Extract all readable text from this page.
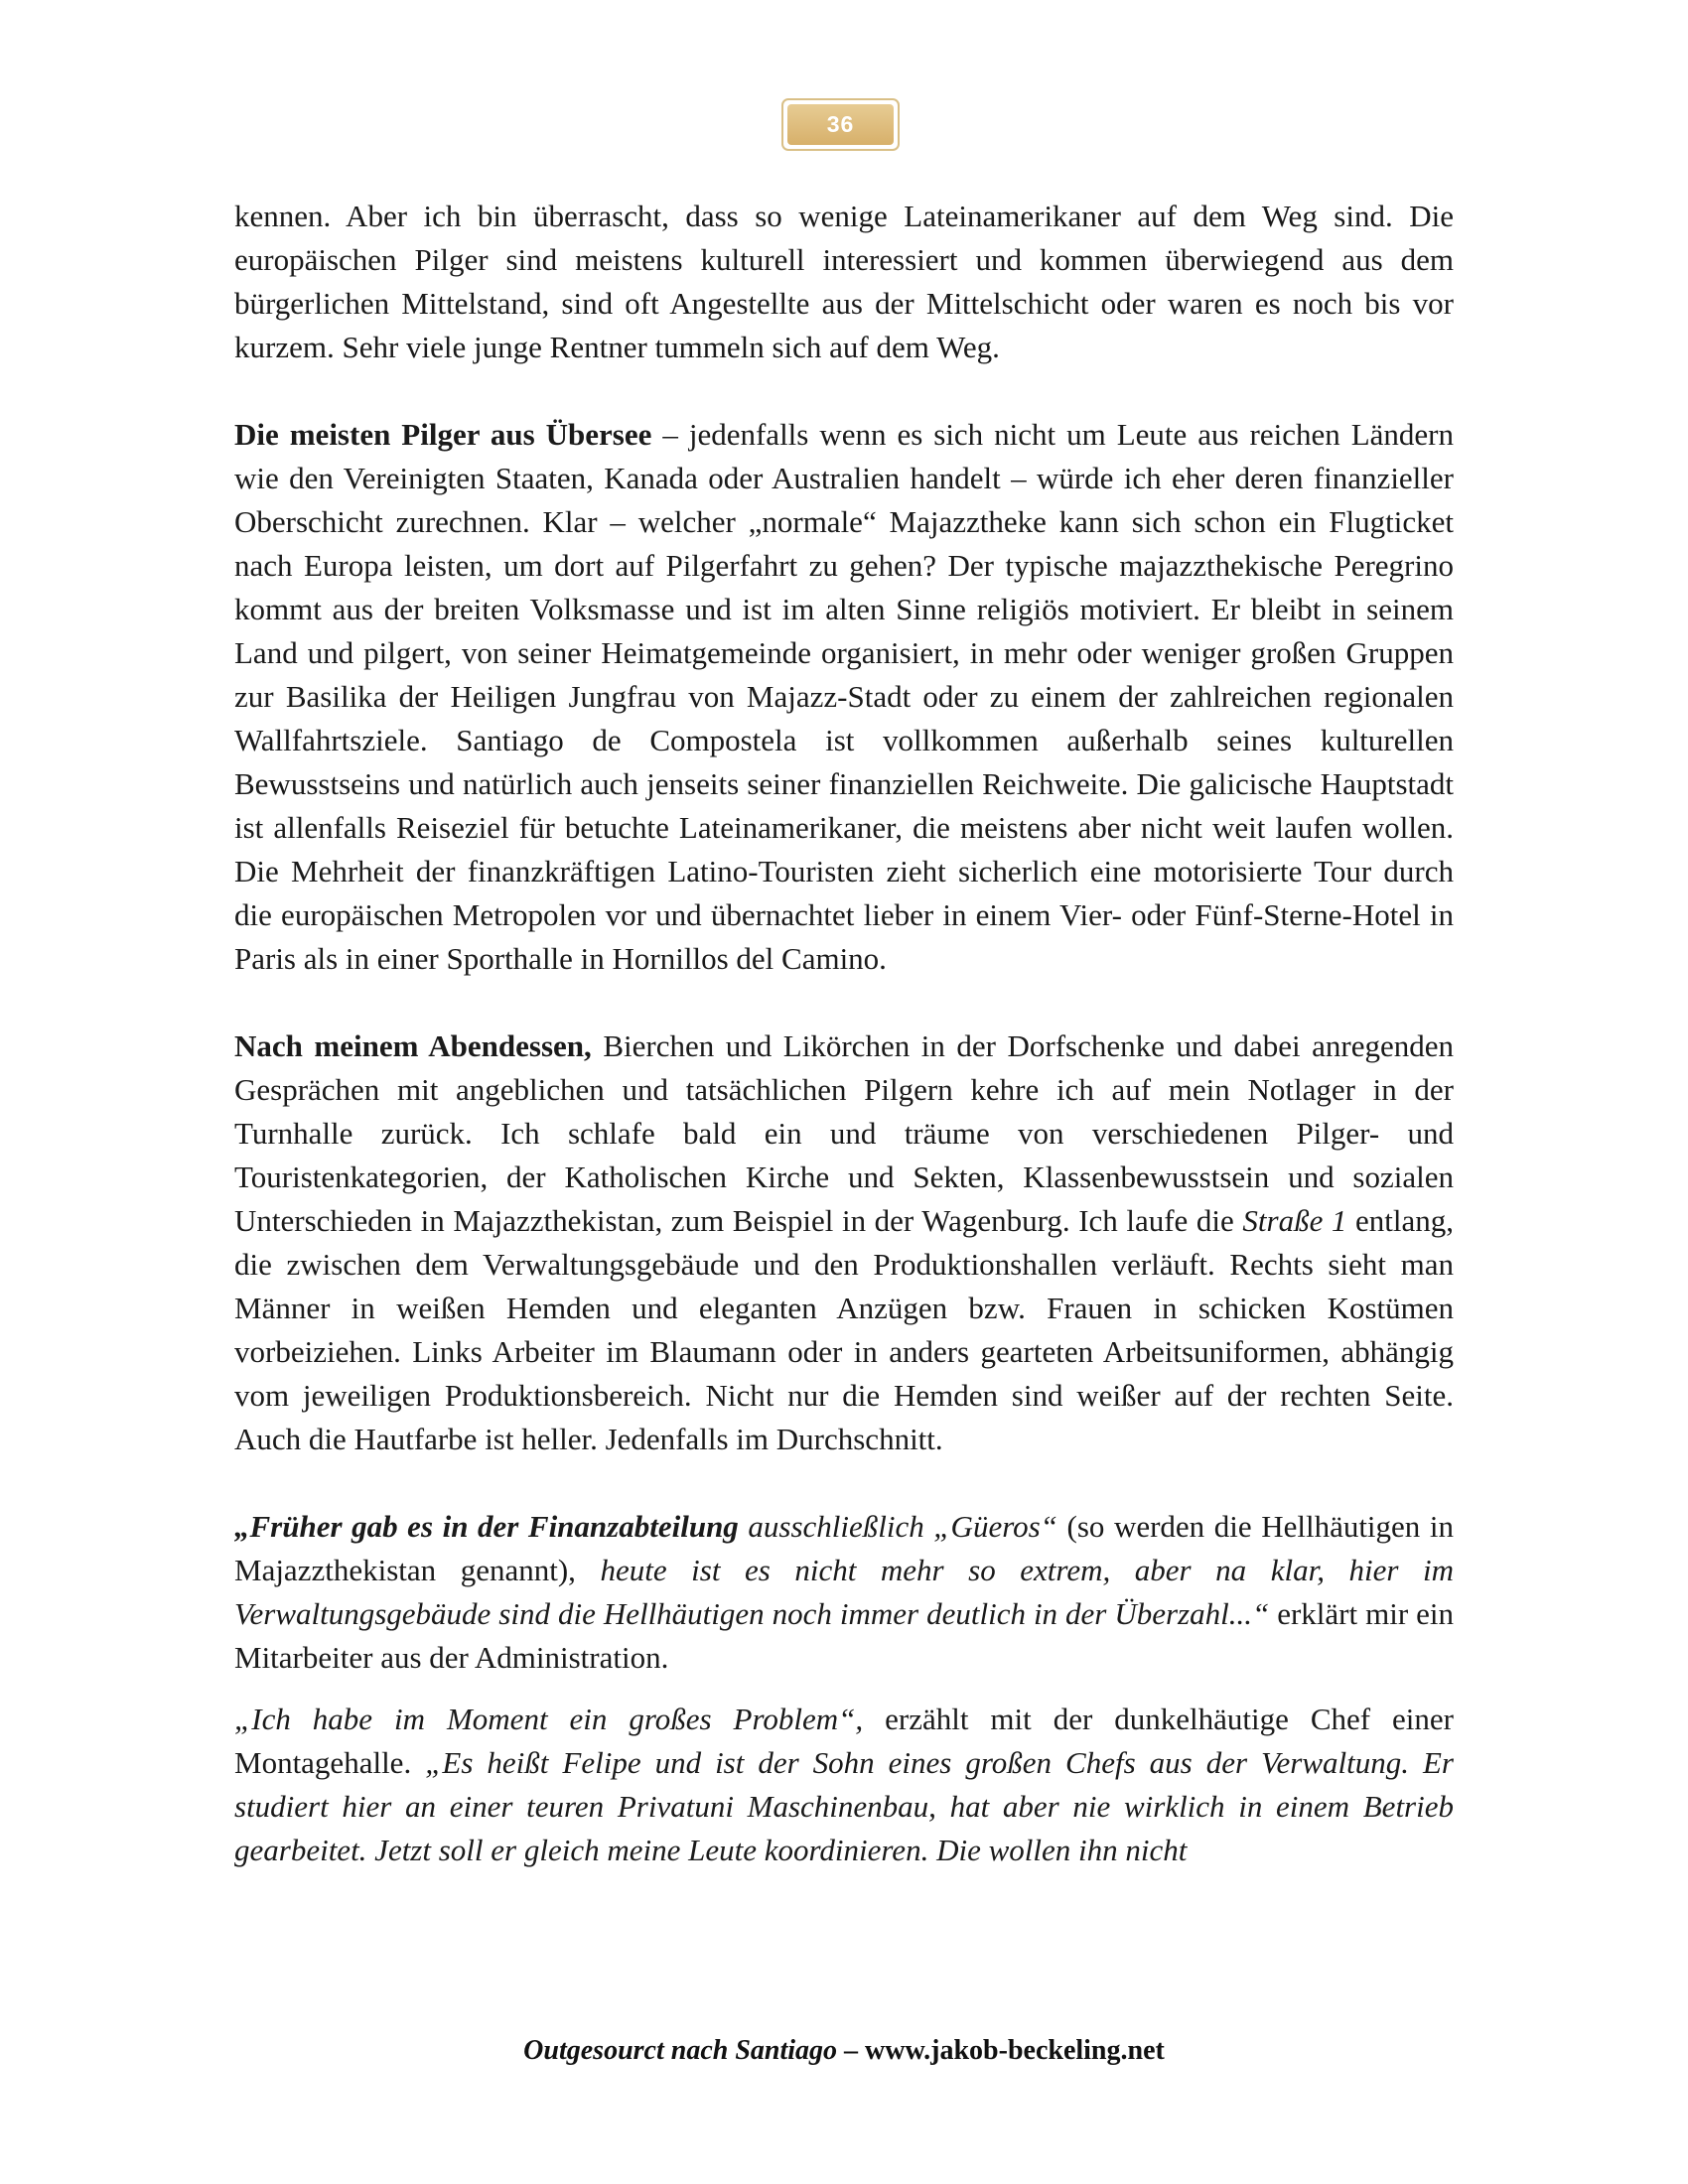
36

kennen. Aber ich bin überrascht, dass so wenige Lateinamerikaner auf dem Weg sind. Die europäischen Pilger sind meistens kulturell interessiert und kommen überwiegend aus dem bürgerlichen Mittelstand, sind oft Angestellte aus der Mittelschicht oder waren es noch bis vor kurzem. Sehr viele junge Rentner tummeln sich auf dem Weg.

Die meisten Pilger aus Übersee – jedenfalls wenn es sich nicht um Leute aus reichen Ländern wie den Vereinigten Staaten, Kanada oder Australien handelt – würde ich eher deren finanzieller Oberschicht zurechnen. Klar – welcher „normale“ Majazztheke kann sich schon ein Flugticket nach Europa leisten, um dort auf Pilgerfahrt zu gehen? Der typische majazzthekische Peregrino kommt aus der breiten Volksmasse und ist im alten Sinne religiös motiviert. Er bleibt in seinem Land und pilgert, von seiner Heimatgemeinde organisiert, in mehr oder weniger großen Gruppen zur Basilika der Heiligen Jungfrau von Majazz-Stadt oder zu einem der zahlreichen regionalen Wallfahrtsziele. Santiago de Compostela ist vollkommen außerhalb seines kulturellen Bewusstseins und natürlich auch jenseits seiner finanziellen Reichweite. Die galicische Hauptstadt ist allenfalls Reiseziel für betuchte Lateinamerikaner, die meistens aber nicht weit laufen wollen. Die Mehrheit der finanzkräftigen Latino-Touristen zieht sicherlich eine motorisierte Tour durch die europäischen Metropolen vor und übernachtet lieber in einem Vier- oder Fünf-Sterne-Hotel in Paris als in einer Sporthalle in Hornillos del Camino.

Nach meinem Abendessen, Bierchen und Likörchen in der Dorfschenke und dabei anregenden Gesprächen mit angeblichen und tatsächlichen Pilgern kehre ich auf mein Notlager in der Turnhalle zurück. Ich schlafe bald ein und träume von verschiedenen Pilger- und Touristenkategorien, der Katholischen Kirche und Sekten, Klassenbewusstsein und sozialen Unterschieden in Majazzthekistan, zum Beispiel in der Wagenburg. Ich laufe die Straße 1 entlang, die zwischen dem Verwaltungsgebäude und den Produktionshallen verläuft. Rechts sieht man Männer in weißen Hemden und eleganten Anzügen bzw. Frauen in schicken Kostümen vorbeiziehen. Links Arbeiter im Blaumann oder in anders gearteten Arbeitsuniformen, abhängig vom jeweiligen Produktionsbereich. Nicht nur die Hemden sind weißer auf der rechten Seite. Auch die Hautfarbe ist heller. Jedenfalls im Durchschnitt.

„Früher gab es in der Finanzabteilung ausschließlich „Güeros“ (so werden die Hellhäutigen in Majazzthekistan genannt), heute ist es nicht mehr so extrem, aber na klar, hier im Verwaltungsgebäude sind die Hellhäutigen noch immer deutlich in der Überzahl...“ erklärt mir ein Mitarbeiter aus der Administration.

„Ich habe im Moment ein großes Problem“, erzählt mit der dunkelhäutige Chef einer Montagehalle. „Es heißt Felipe und ist der Sohn eines großen Chefs aus der Verwaltung. Er studiert hier an einer teuren Privatuni Maschinenbau, hat aber nie wirklich in einem Betrieb gearbeitet. Jetzt soll er gleich meine Leute koordinieren. Die wollen ihn nicht

Outgesourct nach Santiago – www.jakob-beckeling.net
